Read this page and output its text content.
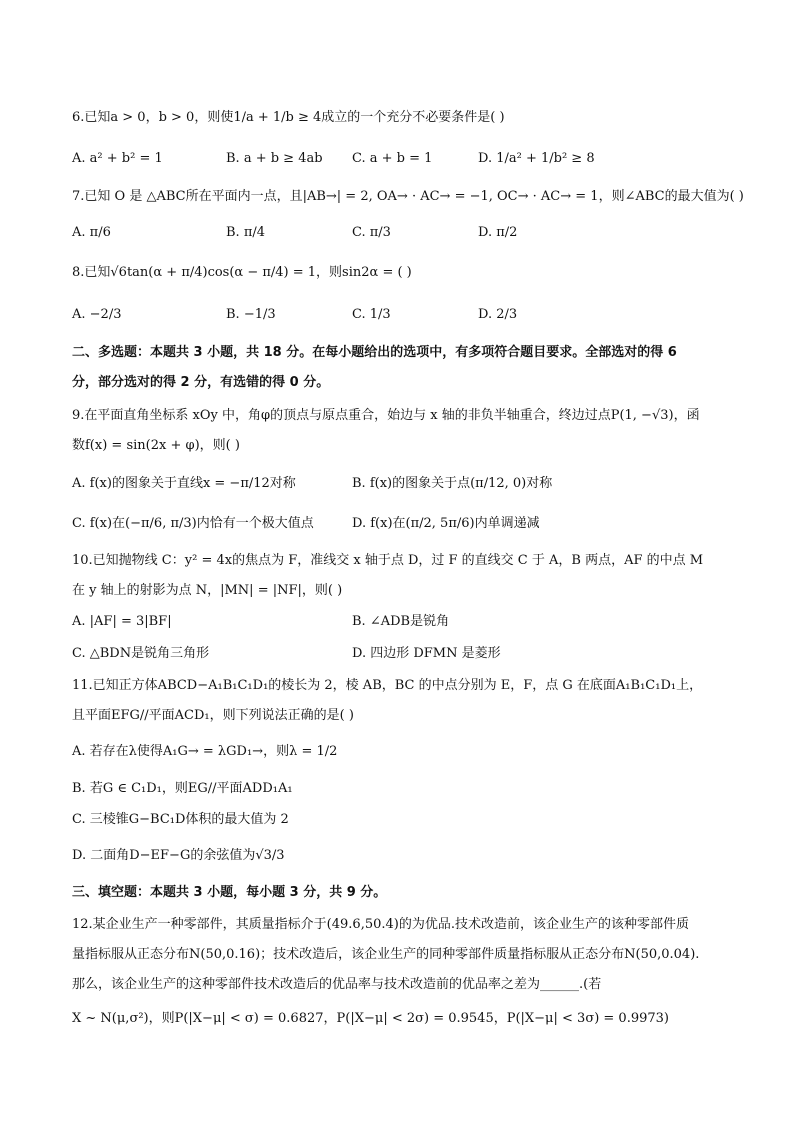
6.已知a > 0，b > 0，则使1/a + 1/b ≥ 4成立的一个充分不必要条件是( )
A. a² + b² = 1	B. a + b ≥ 4ab C. a + b = 1	D. 1/a² + 1/b² ≥ 8
7.已知 O 是 △ABC所在平面内一点，且|AB→| = 2, OA→ · AC→ = −1, OC→ · AC→ = 1，则∠ABC的最大值为( )
A. π/6	B. π/4	C. π/3	D. π/2
8.已知√6tan(α + π/4)cos(α − π/4) = 1，则sin2α = ( )
A. −2/3	B. −1/3	C. 1/3	D. 2/3
二、多选题：本题共 3 小题，共 18 分。在每小题给出的选项中，有多项符合题目要求。全部选对的得 6
分，部分选对的得 2 分，有选错的得 0 分。
9.在平面直角坐标系 xOy 中，角φ的顶点与原点重合，始边与 x 轴的非负半轴重合，终边过点P(1, −√3)，函
数f(x) = sin(2x + φ)，则( )
A. f(x)的图象关于直线x = −π/12对称	B. f(x)的图象关于点(π/12, 0)对称
C. f(x)在(−π/6, π/3)内恰有一个极大值点	D. f(x)在(π/2, 5π/6)内单调递减
10.已知抛物线 C：y² = 4x的焦点为 F，准线交 x 轴于点 D，过 F 的直线交 C 于 A，B 两点，AF 的中点 M
在 y 轴上的射影为点 N，|MN| = |NF|，则( )
A. |AF| = 3|BF|	B. ∠ADB是锐角
C. △BDN是锐角三角形	D. 四边形 DFMN 是菱形
11.已知正方体ABCD−A₁B₁C₁D₁的棱长为 2，棱 AB，BC 的中点分别为 E，F，点 G 在底面A₁B₁C₁D₁上，
且平面EFG//平面ACD₁，则下列说法正确的是( )
A. 若存在λ使得A₁G→ = λGD₁→，则λ = 1/2
B. 若G ∈ C₁D₁，则EG//平面ADD₁A₁
C. 三棱锥G−BC₁D体积的最大值为 2
D. 二面角D−EF−G的余弦值为√3/3
三、填空题：本题共 3 小题，每小题 3 分，共 9 分。
12.某企业生产一种零部件，其质量指标介于(49.6,50.4)的为优品.技术改造前，该企业生产的该种零部件质
量指标服从正态分布N(50,0.16)；技术改造后，该企业生产的同种零部件质量指标服从正态分布N(50,0.04).
那么，该企业生产的这种零部件技术改造后的优品率与技术改造前的优品率之差为______.(若
X ~ N(μ,σ²)，则P(|X−μ| < σ) = 0.6827，P(|X−μ| < 2σ) = 0.9545，P(|X−μ| < 3σ) = 0.9973)
